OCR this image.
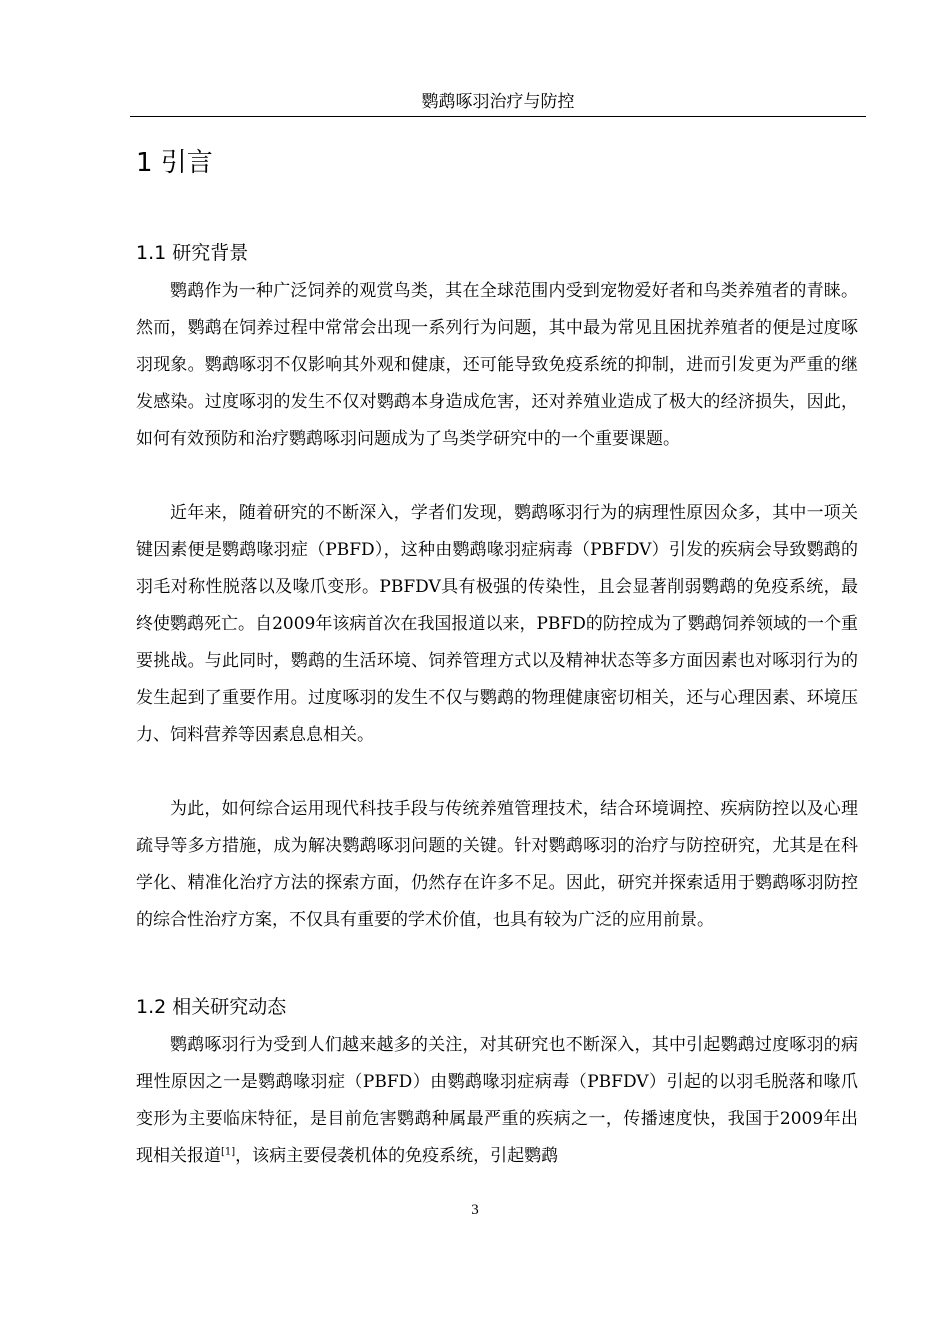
鹦鹉啄羽治疗与防控
1 引言
1.1 研究背景

鹦鹉作为一种广泛饲养的观赏鸟类，其在全球范围内受到宠物爱好者和鸟类养殖者的青睐。然而，鹦鹉在饲养过程中常常会出现一系列行为问题，其中最为常见且困扰养殖者的便是过度啄羽现象。鹦鹉啄羽不仅影响其外观和健康，还可能导致免疫系统的抑制，进而引发更为严重的继发感染。过度啄羽的发生不仅对鹦鹉本身造成危害，还对养殖业造成了极大的经济损失，因此，如何有效预防和治疗鹦鹉啄羽问题成为了鸟类学研究中的一个重要课题。

近年来，随着研究的不断深入，学者们发现，鹦鹉啄羽行为的病理性原因众多，其中一项关键因素便是鹦鹉喙羽症（PBFD），这种由鹦鹉喙羽症病毒（PBFDV）引发的疾病会导致鹦鹉的羽毛对称性脱落以及喙爪变形。PBFDV具有极强的传染性，且会显著削弱鹦鹉的免疫系统，最终使鹦鹉死亡。自2009年该病首次在我国报道以来，PBFD的防控成为了鹦鹉饲养领域的一个重要挑战。与此同时，鹦鹉的生活环境、饲养管理方式以及精神状态等多方面因素也对啄羽行为的发生起到了重要作用。过度啄羽的发生不仅与鹦鹉的物理健康密切相关，还与心理因素、环境压力、饲料营养等因素息息相关。

为此，如何综合运用现代科技手段与传统养殖管理技术，结合环境调控、疾病防控以及心理疏导等多方措施，成为解决鹦鹉啄羽问题的关键。针对鹦鹉啄羽的治疗与防控研究，尤其是在科学化、精准化治疗方法的探索方面，仍然存在许多不足。因此，研究并探索适用于鹦鹉啄羽防控的综合性治疗方案，不仅具有重要的学术价值，也具有较为广泛的应用前景。

1.2 相关研究动态

鹦鹉啄羽行为受到人们越来越多的关注，对其研究也不断深入，其中引起鹦鹉过度啄羽的病理性原因之一是鹦鹉喙羽症（PBFD）由鹦鹉喙羽症病毒（PBFDV）引起的以羽毛脱落和喙爪变形为主要临床特征，是目前危害鹦鹉种属最严重的疾病之一，传播速度快，我国于2009年出现相关报道[1]，该病主要侵袭机体的免疫系统，引起鹦鹉

3
